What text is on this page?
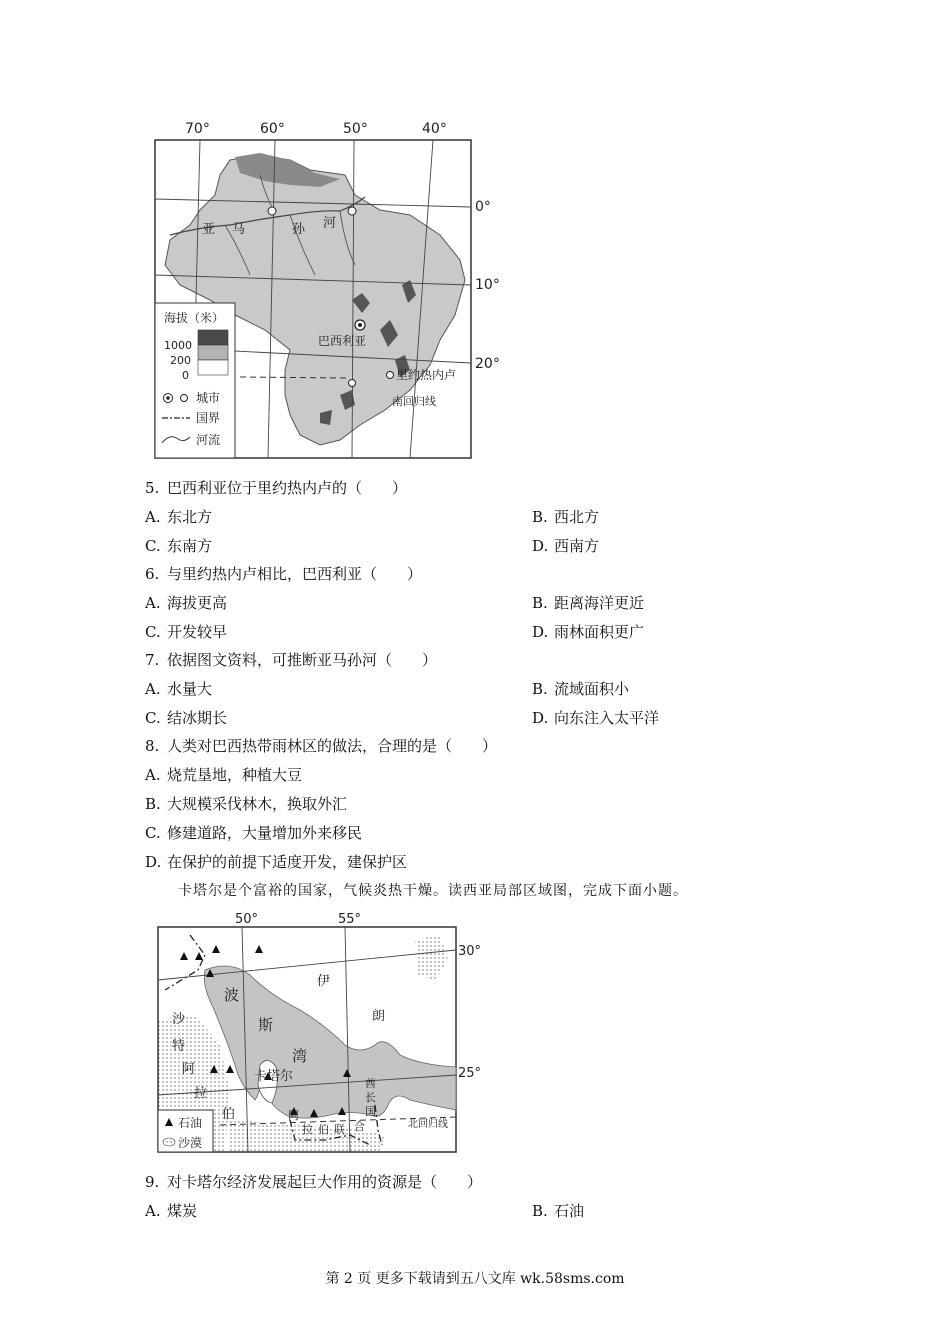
70°	60°	50°	40°
亚 马	孙 河
巴西利亚
里约热内卢
南回归线
0°
10°
20°
海拔（米）
1000
200
0
城市
国界
河流
5. 巴西利亚位于里约热内卢的（　　）
A. 东北方	B. 西北方
C. 东南方	D. 西南方
6. 与里约热内卢相比，巴西利亚（　　）
A. 海拔更高	B. 距离海洋更近
C. 开发较早	D. 雨林面积更广
7. 依据图文资料，可推断亚马孙河（　　）
A. 水量大	B. 流域面积小
C. 结冰期长	D. 向东注入太平洋
8. 人类对巴西热带雨林区的做法，合理的是（　　）
A. 烧荒垦地，种植大豆
B. 大规模采伐林木，换取外汇
C. 修建道路，大量增加外来移民
D. 在保护的前提下适度开发，建保护区
卡塔尔是个富裕的国家，气候炎热干燥。读西亚局部区域图，完成下面小题。
50°	55°
波
斯
湾
伊
朗
沙
特
阿
拉
伯
卡塔尔
阿
拉 伯 联 合
酋
长
国
北回归线
30°
25°
石油
沙漠
9. 对卡塔尔经济发展起巨大作用的资源是（　　）
A. 煤炭	B. 石油
第 2 页 更多下载请到五八文库 wk.58sms.com
